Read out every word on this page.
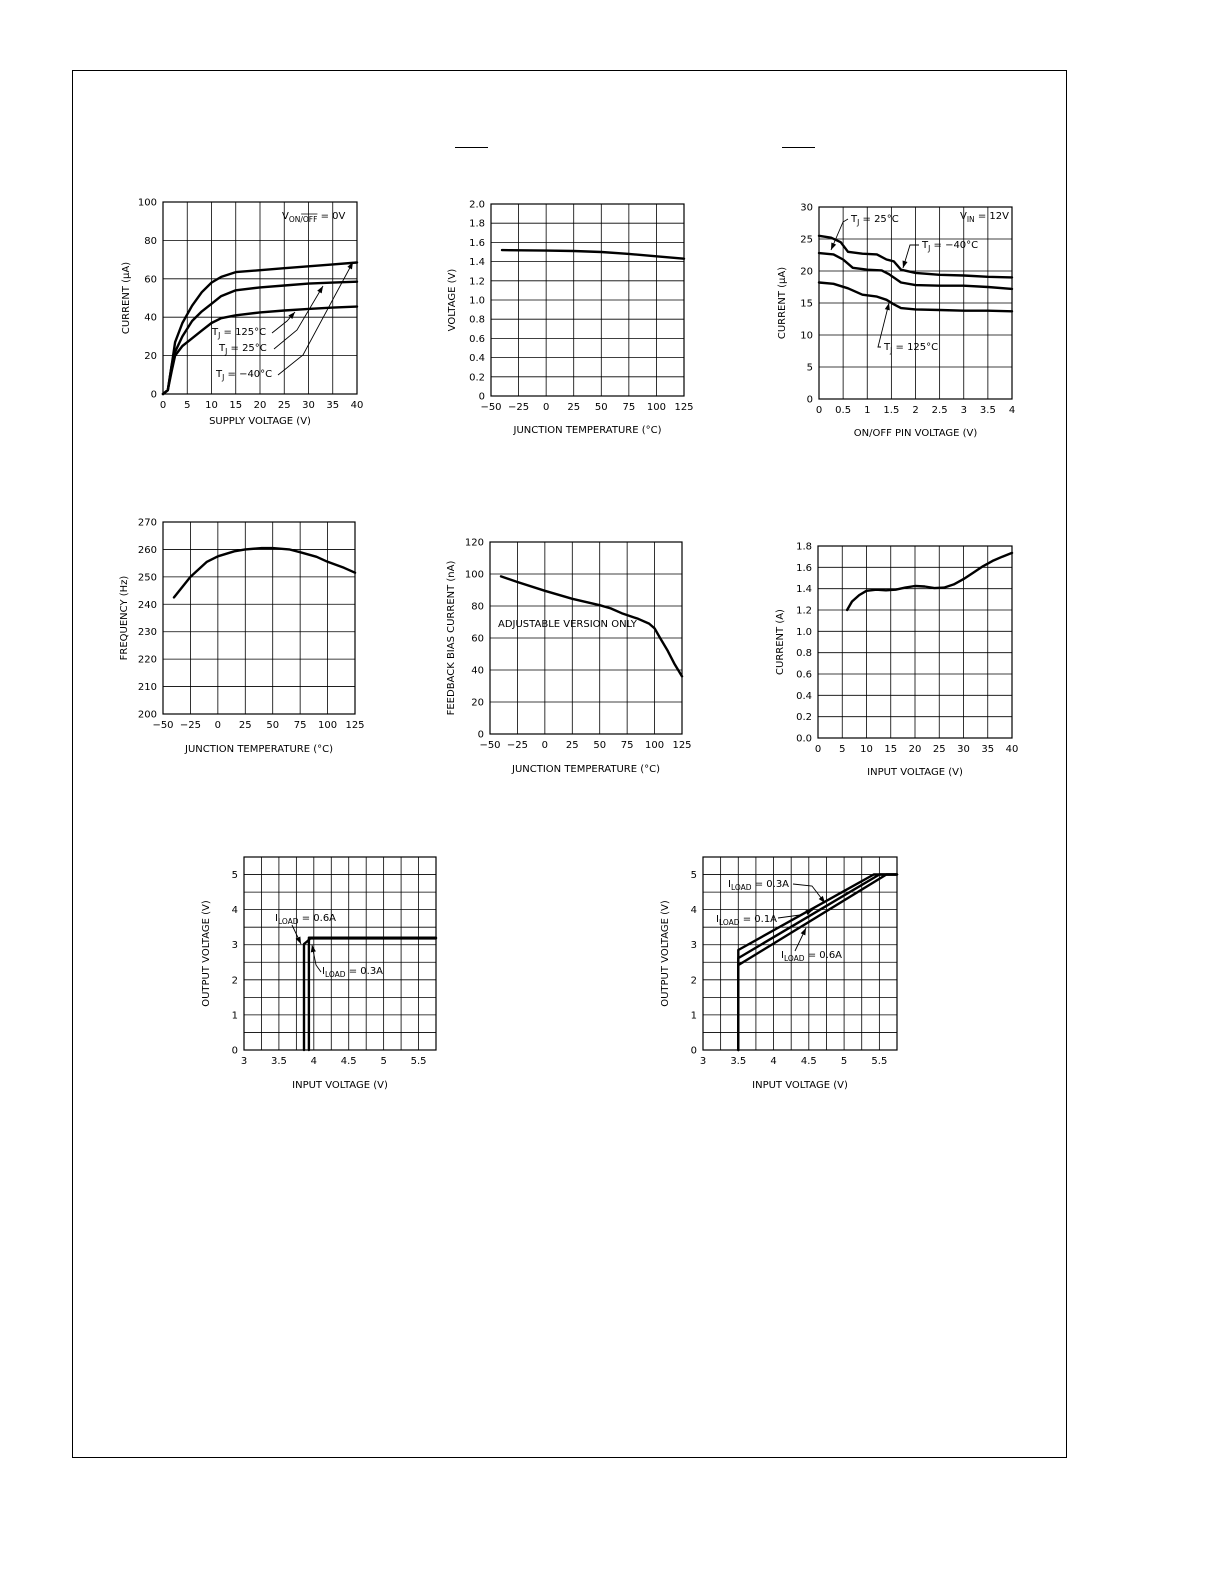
0 5 10 15 20 25 30 35 40
0
20
40
60
80
100
SUPPLY VOLTAGE (V)
CURRENT (μA)
$V_{ON/OFF} = 0V$
$T_J = 125^\circ C$
$T_J = 25^\circ C$
$T_J = -40^\circ C$
−50 −25 0 25 50 75 100 125
0
0.2
0.4
0.6
0.8
1.0
1.2
1.4
1.6
1.8
2.0
JUNCTION TEMPERATURE (°C)
VOLTAGE (V)
0 0.5 1 1.5 2 2.5 3 3.5 4
0
5
10
15
20
25
30
ON/OFF PIN VOLTAGE (V)
CURRENT (μA)
$V_{IN} = 12V$
$T_J = 25^\circ C$
$T_J = -40^\circ C$
$T_J = 125^\circ C$
−50 −25 0 25 50 75 100 125
200
210
220
230
240
250
260
270
JUNCTION TEMPERATURE (°C)
FREQUENCY (Hz)
−50 −25 0 25 50 75 100 125
0
20
40
60
80
100
120
JUNCTION TEMPERATURE (°C)
FEEDBACK BIAS CURRENT (nA)	ADJUSTABLE VERSION ONLY
0 5 10 15 20 25 30 35 40
0.0
0.2
0.4
0.6
0.8
1.0
1.2
1.4
1.6
1.8
INPUT VOLTAGE (V)
CURRENT (A)
3 3.5 4 4.5 5 5.5
0
1
2
3
4
5
INPUT VOLTAGE (V)
OUTPUT VOLTAGE (V)	$I_{LOAD} = 0.6A$
$I_{LOAD} = 0.3A$
3 3.5 4 4.5 5 5.5
0
1
2
3
4
5
INPUT VOLTAGE (V)
OUTPUT VOLTAGE (V)
$I_{LOAD} = 0.3A$
$I_{LOAD} = 0.1A$
$I_{LOAD} = 0.6A$
